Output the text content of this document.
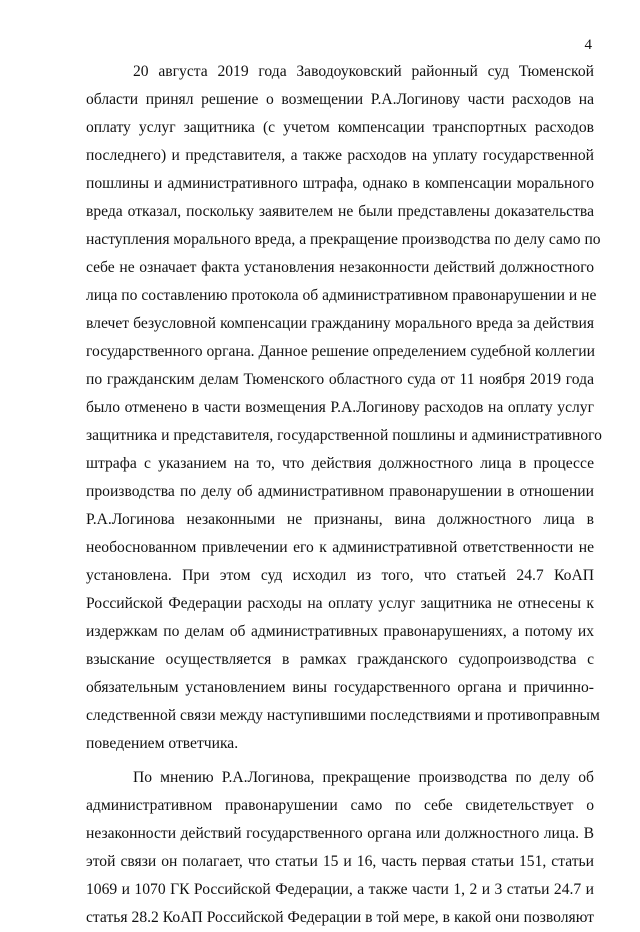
4
20 августа 2019 года Заводоуковский районный суд Тюменской
области принял решение о возмещении Р.А.Логинову части расходов на
оплату услуг защитника (с учетом компенсации транспортных расходов
последнего) и представителя, а также расходов на уплату государственной
пошлины и административного штрафа, однако в компенсации морального
вреда отказал, поскольку заявителем не были представлены доказательства
наступления морального вреда, а прекращение производства по делу само по
себе не означает факта установления незаконности действий должностного
лица по составлению протокола об административном правонарушении и не
влечет безусловной компенсации гражданину морального вреда за действия
государственного органа. Данное решение определением судебной коллегии
по гражданским делам Тюменского областного суда от 11 ноября 2019 года
было отменено в части возмещения Р.А.Логинову расходов на оплату услуг
защитника и представителя, государственной пошлины и административного
штрафа с указанием на то, что действия должностного лица в процессе
производства по делу об административном правонарушении в отношении
Р.А.Логинова незаконными не признаны, вина должностного лица в
необоснованном привлечении его к административной ответственности не
установлена. При этом суд исходил из того, что статьей 24.7 КоАП
Российской Федерации расходы на оплату услуг защитника не отнесены к
издержкам по делам об административных правонарушениях, а потому их
взыскание осуществляется в рамках гражданского судопроизводства с
обязательным установлением вины государственного органа и причинно-
следственной связи между наступившими последствиями и противоправным
поведением ответчика.
По мнению Р.А.Логинова, прекращение производства по делу об
административном правонарушении само по себе свидетельствует о
незаконности действий государственного органа или должностного лица. В
этой связи он полагает, что статьи 15 и 16, часть первая статьи 151, статьи
1069 и 1070 ГК Российской Федерации, а также части 1, 2 и 3 статьи 24.7 и
статья 28.2 КоАП Российской Федерации в той мере, в какой они позволяют
